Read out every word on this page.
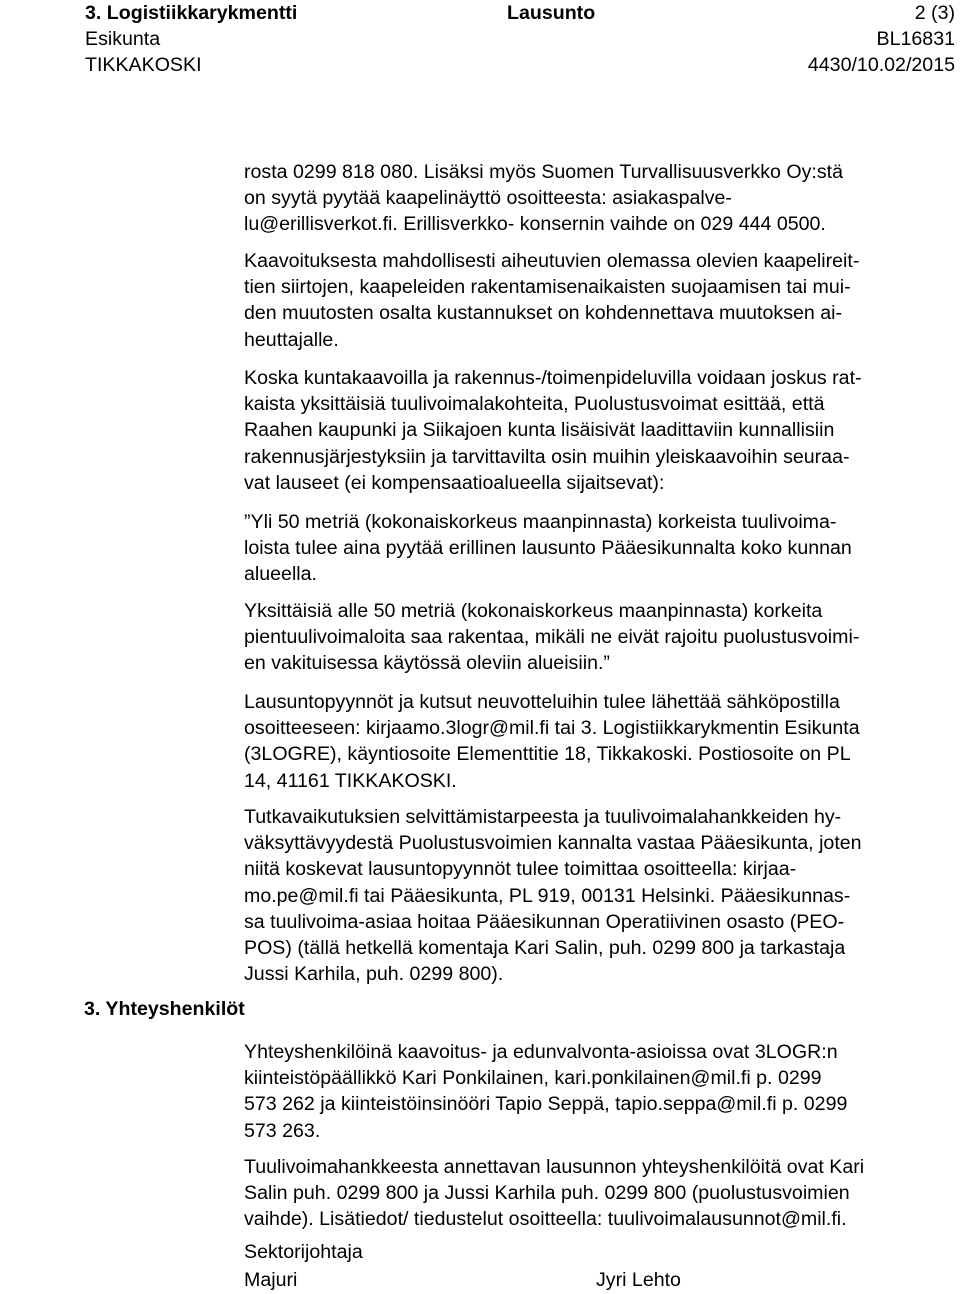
3. Logistiikkarykmentti	Lausunto	2 (3)
Esikunta	BL16831
TIKKAKOSKI	4430/10.02/2015
rosta 0299 818 080. Lisäksi myös Suomen Turvallisuusverkko Oy:stä
on syytä pyytää kaapelinäyttö osoitteesta: asiakaspalve-
lu@erillisverkot.fi. Erillisverkko- konsernin vaihde on 029 444 0500.
Kaavoituksesta mahdollisesti aiheutuvien olemassa olevien kaapelireit-
tien siirtojen, kaapeleiden rakentamisenaikaisten suojaamisen tai mui-
den muutosten osalta kustannukset on kohdennettava muutoksen ai-
heuttajalle.
Koska kuntakaavoilla ja rakennus-/toimenpideluvilla voidaan joskus rat-
kaista yksittäisiä tuulivoimalakohteita, Puolustusvoimat esittää, että
Raahen kaupunki ja Siikajoen kunta lisäisivät laadittaviin kunnallisiin
rakennusjärjestyksiin ja tarvittavilta osin muihin yleiskaavoihin seuraa-
vat lauseet (ei kompensaatioalueella sijaitsevat):
”Yli 50 metriä (kokonaiskorkeus maanpinnasta) korkeista tuulivoima-
loista tulee aina pyytää erillinen lausunto Pääesikunnalta koko kunnan
alueella.
Yksittäisiä alle 50 metriä (kokonaiskorkeus maanpinnasta) korkeita
pientuulivoimaloita saa rakentaa, mikäli ne eivät rajoitu puolustusvoimi-
en vakituisessa käytössä oleviin alueisiin.”
Lausuntopyynnöt ja kutsut neuvotteluihin tulee lähettää sähköpostilla
osoitteeseen: kirjaamo.3logr@mil.fi tai 3. Logistiikkarykmentin Esikunta
(3LOGRE), käyntiosoite Elementtitie 18, Tikkakoski. Postiosoite on PL
14, 41161 TIKKAKOSKI.
Tutkavaikutuksien selvittämistarpeesta ja tuulivoimalahankkeiden hy-
väksyttävyydestä Puolustusvoimien kannalta vastaa Pääesikunta, joten
niitä koskevat lausuntopyynnöt tulee toimittaa osoitteella: kirjaa-
mo.pe@mil.fi tai Pääesikunta, PL 919, 00131 Helsinki. Pääesikunnas-
sa tuulivoima-asiaa hoitaa Pääesikunnan Operatiivinen osasto (PEO-
POS) (tällä hetkellä komentaja Kari Salin, puh. 0299 800 ja tarkastaja
Jussi Karhila, puh. 0299 800).
3. Yhteyshenkilöt
Yhteyshenkilöinä kaavoitus- ja edunvalvonta-asioissa ovat 3LOGR:n
kiinteistöpäällikkö Kari Ponkilainen, kari.ponkilainen@mil.fi p. 0299
573 262 ja kiinteistöinsinööri Tapio Seppä, tapio.seppa@mil.fi p. 0299
573 263.
Tuulivoimahankkeesta annettavan lausunnon yhteyshenkilöitä ovat Kari
Salin puh. 0299 800 ja Jussi Karhila puh. 0299 800 (puolustusvoimien
vaihde). Lisätiedot/ tiedustelut osoitteella: tuulivoimalausunnot@mil.fi.
Sektorijohtaja
Majuri	Jyri Lehto
